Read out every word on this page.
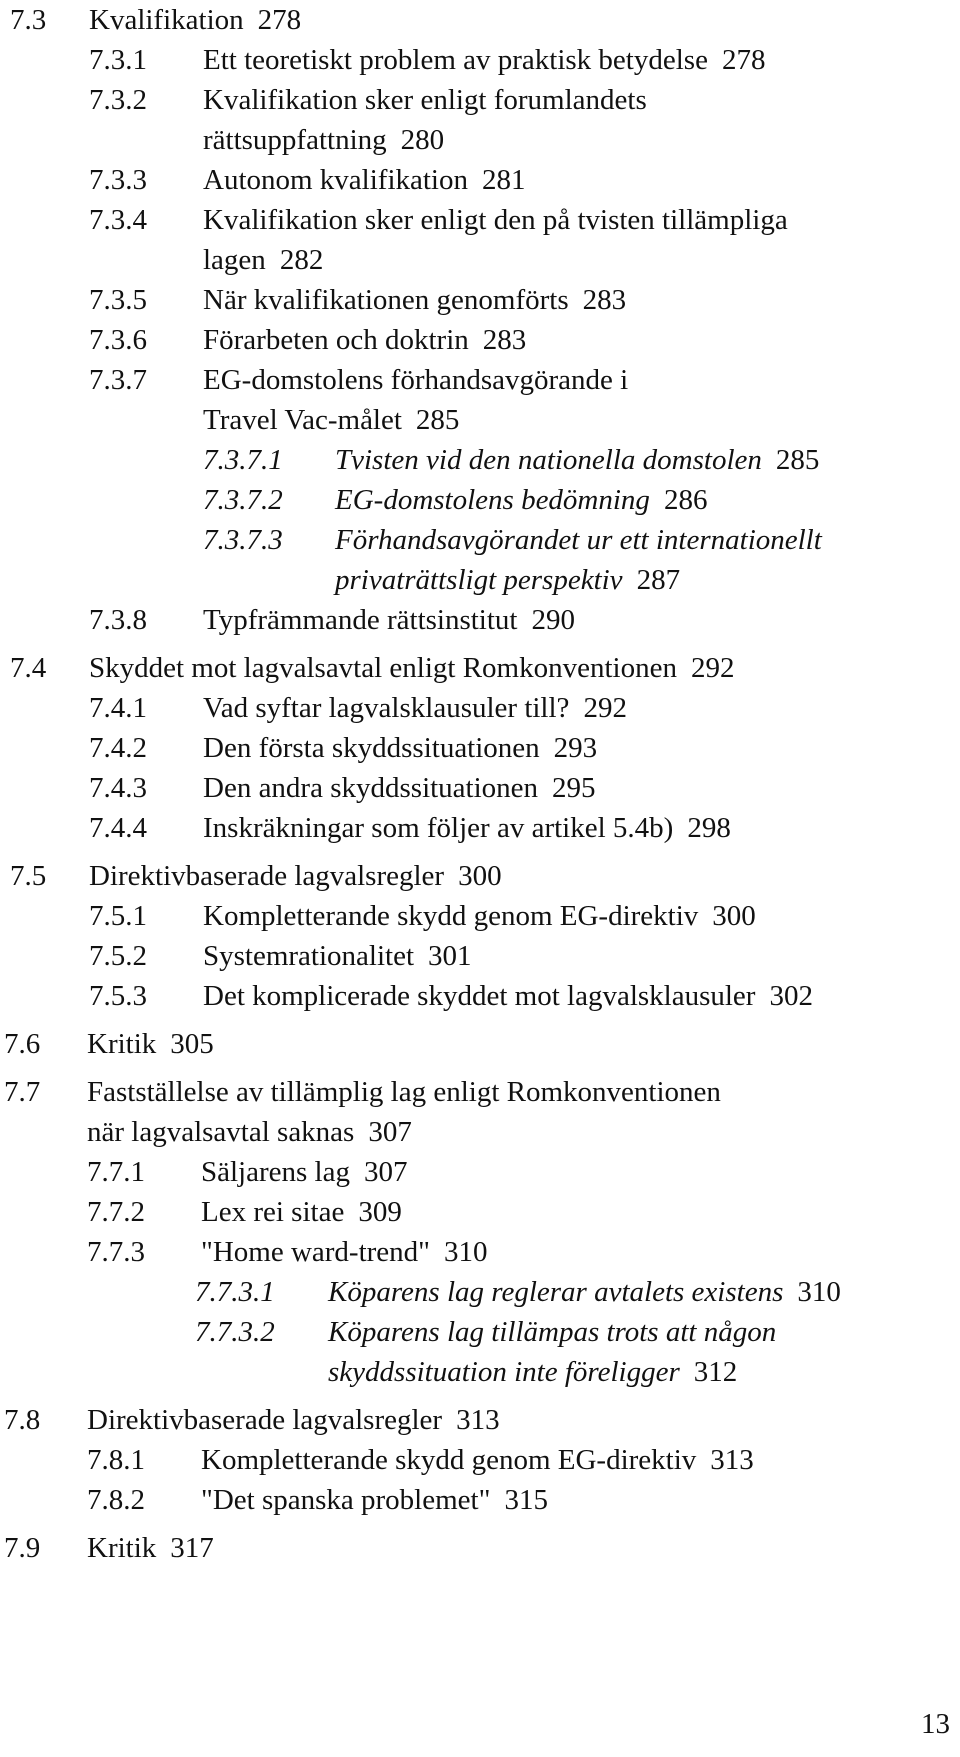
7.3 Kvalifikation 278
7.3.1 Ett teoretiskt problem av praktisk betydelse 278
7.3.2 Kvalifikation sker enligt forumlandets
rättsuppfattning 280
7.3.3 Autonom kvalifikation 281
7.3.4 Kvalifikation sker enligt den på tvisten tillämpliga
lagen 282
7.3.5 När kvalifikationen genomförts 283
7.3.6 Förarbeten och doktrin 283
7.3.7 EG-domstolens förhandsavgörande i
Travel Vac-målet 285
7.3.7.1 Tvisten vid den nationella domstolen 285
7.3.7.2 EG-domstolens bedömning 286
7.3.7.3 Förhandsavgörandet ur ett internationellt
privaträttsligt perspektiv 287
7.3.8 Typfrämmande rättsinstitut 290
7.4 Skyddet mot lagvalsavtal enligt Romkonventionen 292
7.4.1 Vad syftar lagvalsklausuler till? 292
7.4.2 Den första skyddssituationen 293
7.4.3 Den andra skyddssituationen 295
7.4.4 Inskräkningar som följer av artikel 5.4b) 298
7.5 Direktivbaserade lagvalsregler 300
7.5.1 Kompletterande skydd genom EG-direktiv 300
7.5.2 Systemrationalitet 301
7.5.3 Det komplicerade skyddet mot lagvalsklausuler 302
7.6 Kritik 305
7.7 Fastställelse av tillämplig lag enligt Romkonventionen
när lagvalsavtal saknas 307
7.7.1 Säljarens lag 307
7.7.2 Lex rei sitae 309
7.7.3 "Home ward-trend" 310
7.7.3.1 Köparens lag reglerar avtalets existens 310
7.7.3.2 Köparens lag tillämpas trots att någon
skyddssituation inte föreligger 312
7.8 Direktivbaserade lagvalsregler 313
7.8.1 Kompletterande skydd genom EG-direktiv 313
7.8.2 "Det spanska problemet" 315
7.9 Kritik 317
13
